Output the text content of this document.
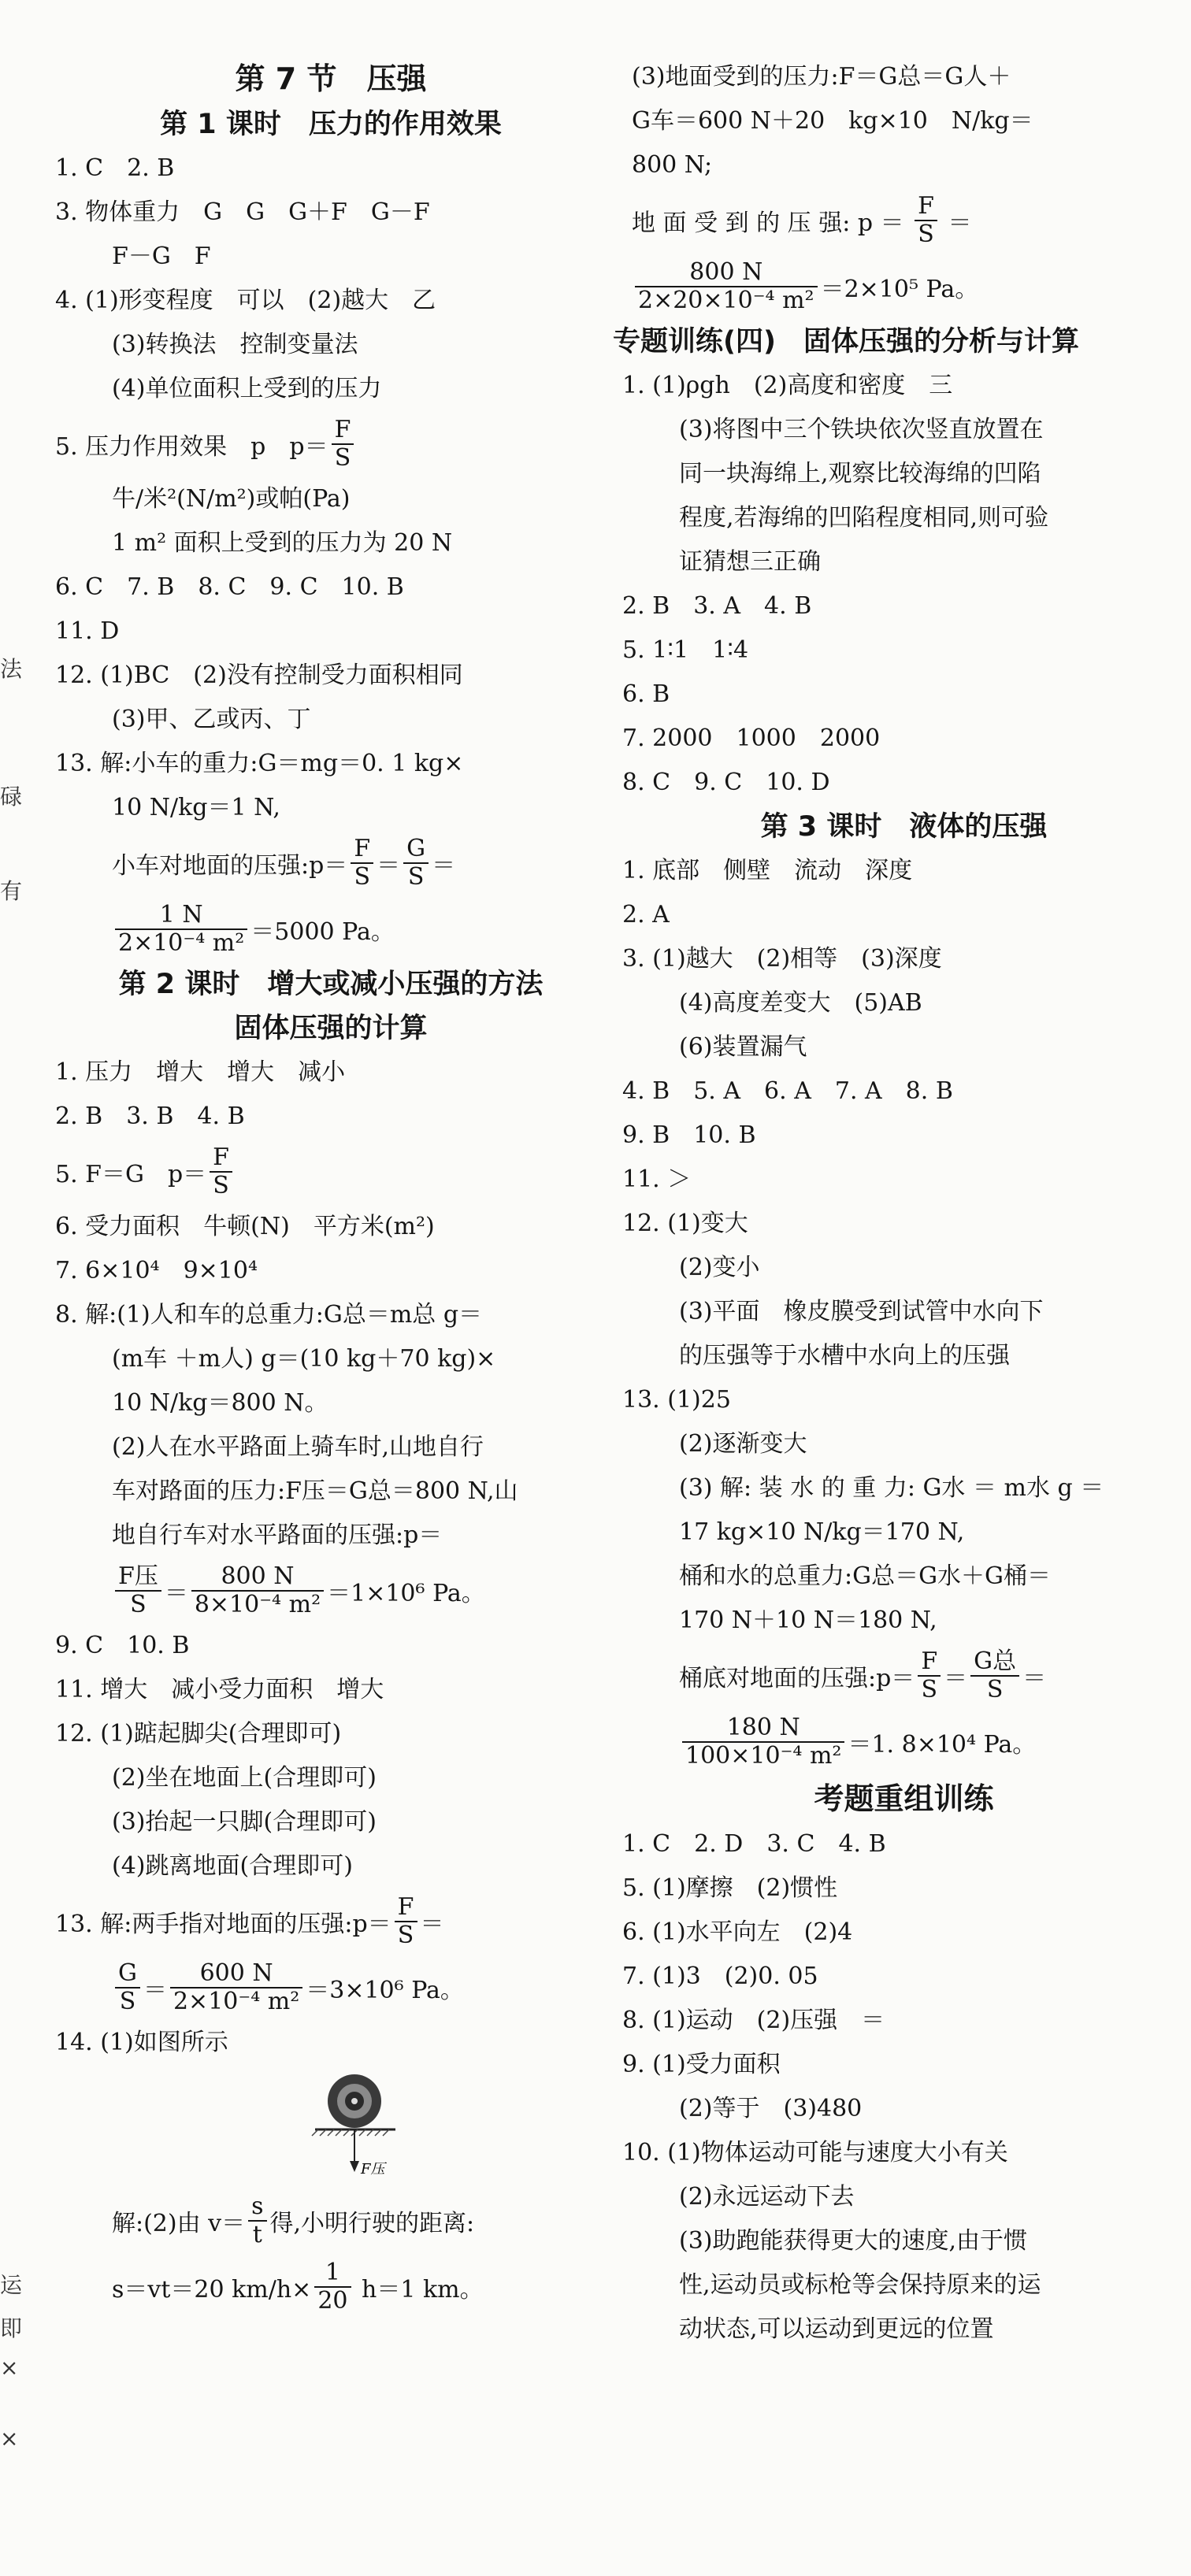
法
碌
有
运
即
×
×

第 7 节　压强

第 1 课时　压力的作用效果

1. C　2. B

3. 物体重力　G　G　G＋F　G－F

F－G　F

4. (1)形变程度　可以　(2)越大　乙

(3)转换法　控制变量法

(4)单位面积上受到的压力

5. 压力作用效果　p　$p= \frac{F}{S}$

牛/米²(N/m²)或帕(Pa)

1 m² 面积上受到的压力为 20 N

6. C　7. B　8. C　9. C　10. B

11. D

12. (1)BC　(2)没有控制受力面积相同

(3)甲、乙或丙、丁

13. 解:小车的重力:G＝mg＝0. 1 kg×

10 N/kg＝1 N,

小车对地面的压强:p＝ $\frac{F}{S} = \frac{G}{S}$ ＝
$\frac{1 N}{\text{2×10⁻⁴ m²}} =5000$ Pa。

第 2 课时　增大或减小压强的方法

固体压强的计算

1. 压力　增大　增大　减小

2. B　3. B　4. B

5. F＝G　$p= \frac{F}{S}$

6. 受力面积　牛顿(N)　平方米(m²)

7. 6×10⁴　9×10⁴

8. 解:(1)人和车的总重力:G总＝m总 g＝

(m车 ＋m人) g＝(10 kg＋70 kg)×

10 N/kg＝800 N。

(2)人在水平路面上骑车时,山地自行

车对路面的压力:F压＝G总＝800 N,山

地自行车对水平路面的压强:p＝

$\frac{\text{F压}}{S} = \frac{800 N}{\text{8×10⁻⁴ m²}} =1\times 10^6$ Pa。

9. C　10. B

11. 增大　减小受力面积　增大

12. (1)踮起脚尖(合理即可)

(2)坐在地面上(合理即可)

(3)抬起一只脚(合理即可)

(4)跳离地面(合理即可)

13. 解:两手指对地面的压强:p＝ $\frac{F}{S}$ ＝
$\frac{G}{S} = \frac{600 N}{\text{2×10⁻⁴ m²}} =3\times 10^6$ Pa。

14. (1)如图所示

F压
解:(2)由 $v= \frac{s}{t}$ 得,小明行驶的距离:
s＝vt＝20 $km/h\times \frac{1}{20} h=1$ km。

(3)地面受到的压力:F＝G总＝G人＋

G车＝600 N＋20　kg×10　N/kg＝

800 N;

地 面 受 到 的 压 强: $p = \frac{F}{S}$ ＝
$\frac{800 N}{\text{2×20×10⁻⁴ m²}} =2\times 10^5$ Pa。

专题训练(四)　固体压强的分析与计算

1. (1)ρgh　(2)高度和密度　三

(3)将图中三个铁块依次竖直放置在

同一块海绵上,观察比较海绵的凹陷

程度,若海绵的凹陷程度相同,则可验

证猜想三正确

2. B　3. A　4. B

5. 1∶1　1∶4

6. B

7. 2000　1000　2000

8. C　9. C　10. D

第 3 课时　液体的压强

1. 底部　侧壁　流动　深度

2. A

3. (1)越大　(2)相等　(3)深度

(4)高度差变大　(5)AB

(6)装置漏气

4. B　5. A　6. A　7. A　8. B

9. B　10. B

11. ＞

12. (1)变大

(2)变小

(3)平面　橡皮膜受到试管中水向下

的压强等于水槽中水向上的压强

13. (1)25

(2)逐渐变大

(3) 解: 装 水 的 重 力: G水 ＝ m水 g ＝

17 kg×10 N/kg＝170 N,

桶和水的总重力:G总＝G水＋G桶＝

170 N＋10 N＝180 N,

桶底对地面的压强:p＝ $\frac{F}{S} = \frac{\text{G总}}{S}$ ＝
$\frac{180 N}{\text{100×10⁻⁴ m²}} =1$. 8×10⁴ Pa。

考题重组训练

1. C　2. D　3. C　4. B

5. (1)摩擦　(2)惯性

6. (1)水平向左　(2)4

7. (1)3　(2)0. 05

8. (1)运动　(2)压强　＝

9. (1)受力面积

(2)等于　(3)480

10. (1)物体运动可能与速度大小有关

(2)永远运动下去

(3)助跑能获得更大的速度,由于惯

性,运动员或标枪等会保持原来的运

动状态,可以运动到更远的位置
